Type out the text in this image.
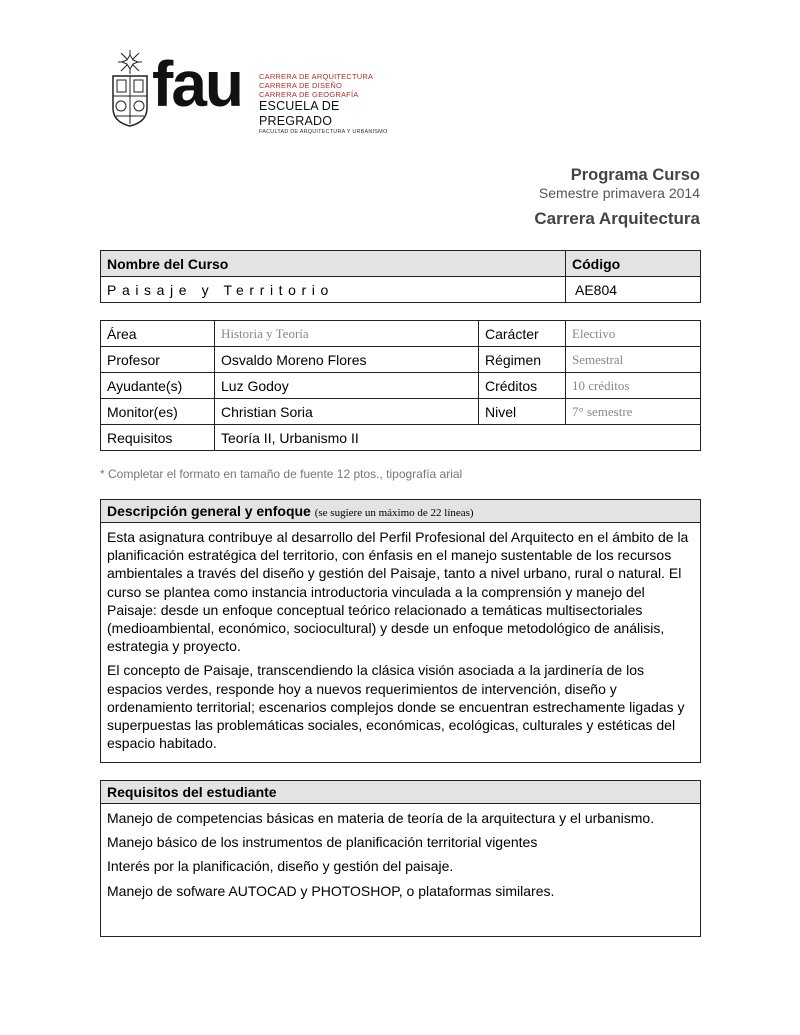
fau CARRERA DE ARQUITECTURA
CARRERA DE DISEÑO
CARRERA DE GEOGRAFÍA
ESCUELA DE PREGRADO
FACULTAD DE ARQUITECTURA Y URBANISMO
Programa Curso
Semestre primavera 2014
Carrera Arquitectura
Nombre del Curso	Código
Paisaje y Territorio	AE804
Área	Historia y Teoría	Carácter	Electivo
Profesor	Osvaldo Moreno Flores	Régimen	Semestral
Ayudante(s)	Luz Godoy	Créditos	10 créditos
Monitor(es)	Christian Soria	Nivel	7° semestre
Requisitos	Teoría II, Urbanismo II		
* Completar el formato en tamaño de fuente 12 ptos., tipografía arial
Descripción general y enfoque (se sugiere un máximo de 22 líneas)

Esta asignatura contribuye al desarrollo del Perfil Profesional del Arquitecto en el ámbito de la planificación estratégica del territorio, con énfasis en el manejo sustentable de los recursos ambientales a través del diseño y gestión del Paisaje, tanto a nivel urbano, rural o natural. El curso se plantea como instancia introductoria vinculada a la comprensión y manejo del Paisaje: desde un enfoque conceptual teórico relacionado a temáticas multisectoriales (medioambiental, económico, sociocultural) y desde un enfoque metodológico de análisis, estrategia y proyecto.

El concepto de Paisaje, transcendiendo la clásica visión asociada a la jardinería de los espacios verdes, responde hoy a nuevos requerimientos de intervención, diseño y ordenamiento territorial; escenarios complejos donde se encuentran estrechamente ligadas y superpuestas las problemáticas sociales, económicas, ecológicas, culturales y estéticas del espacio habitado.

Requisitos del estudiante

Manejo de competencias básicas en materia de teoría de la arquitectura y el urbanismo.

Manejo básico de los instrumentos de planificación territorial vigentes

Interés por la planificación, diseño y gestión del paisaje.

Manejo de sofware AUTOCAD y PHOTOSHOP, o plataformas similares.
